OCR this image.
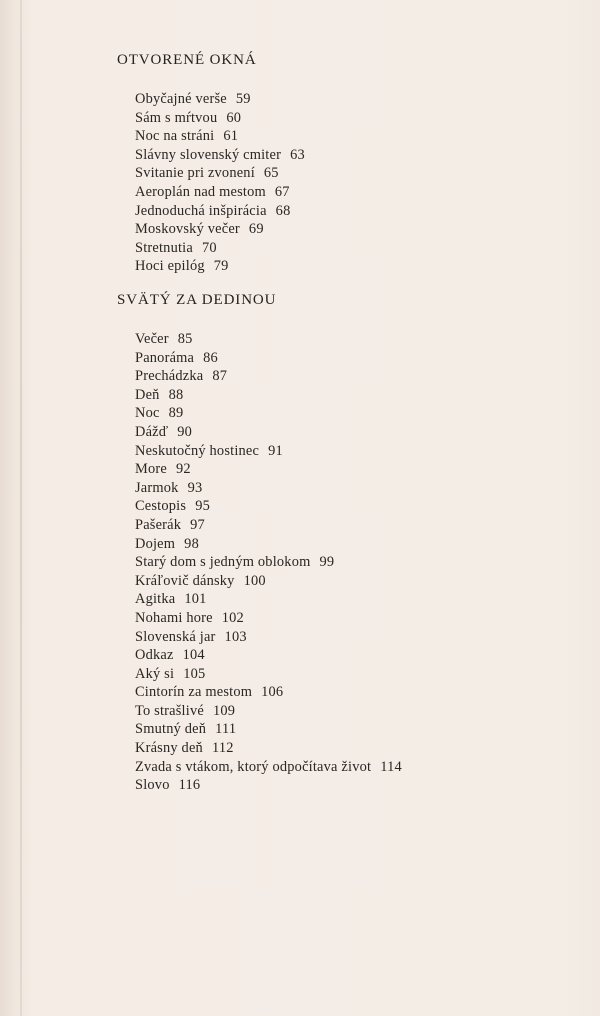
OTVORENÉ OKNÁ
Obyčajné verše 59
Sám s mŕtvou 60
Noc na stráni 61
Slávny slovenský cmiter 63
Svitanie pri zvonení 65
Aeroplán nad mestom 67
Jednoduchá inšpirácia 68
Moskovský večer 69
Stretnutia 70
Hoci epilóg 79
SVÄTÝ ZA DEDINOU
Večer 85
Panoráma 86
Prechádzka 87
Deň 88
Noc 89
Dážď 90
Neskutočný hostinec 91
More 92
Jarmok 93
Cestopis 95
Pašerák 97
Dojem 98
Starý dom s jedným oblokom 99
Kráľovič dánsky 100
Agitka 101
Nohami hore 102
Slovenská jar 103
Odkaz 104
Aký si 105
Cintorín za mestom 106
To strašlivé 109
Smutný deň 111
Krásny deň 112
Zvada s vtákom, ktorý odpočítava život 114
Slovo 116
